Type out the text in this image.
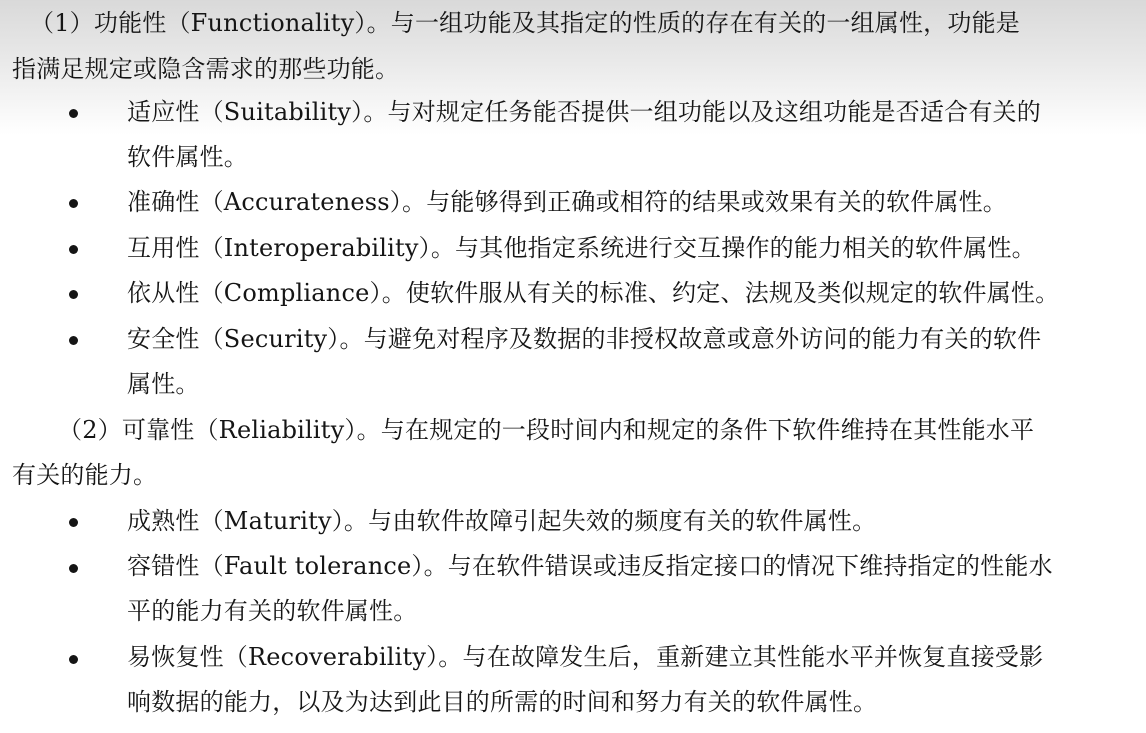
（1）功能性（Functionality）。与一组功能及其指定的性质的存在有关的一组属性，功能是
指满足规定或隐含需求的那些功能。
适应性（Suitability）。与对规定任务能否提供一组功能以及这组功能是否适合有关的
软件属性。
准确性（Accurateness）。与能够得到正确或相符的结果或效果有关的软件属性。
互用性（Interoperability）。与其他指定系统进行交互操作的能力相关的软件属性。
依从性（Compliance）。使软件服从有关的标准、约定、法规及类似规定的软件属性。
安全性（Security）。与避免对程序及数据的非授权故意或意外访问的能力有关的软件
属性。
（2）可靠性（Reliability）。与在规定的一段时间内和规定的条件下软件维持在其性能水平
有关的能力。
成熟性（Maturity）。与由软件故障引起失效的频度有关的软件属性。
容错性（Fault tolerance）。与在软件错误或违反指定接口的情况下维持指定的性能水
平的能力有关的软件属性。
易恢复性（Recoverability）。与在故障发生后，重新建立其性能水平并恢复直接受影
响数据的能力，以及为达到此目的所需的时间和努力有关的软件属性。
